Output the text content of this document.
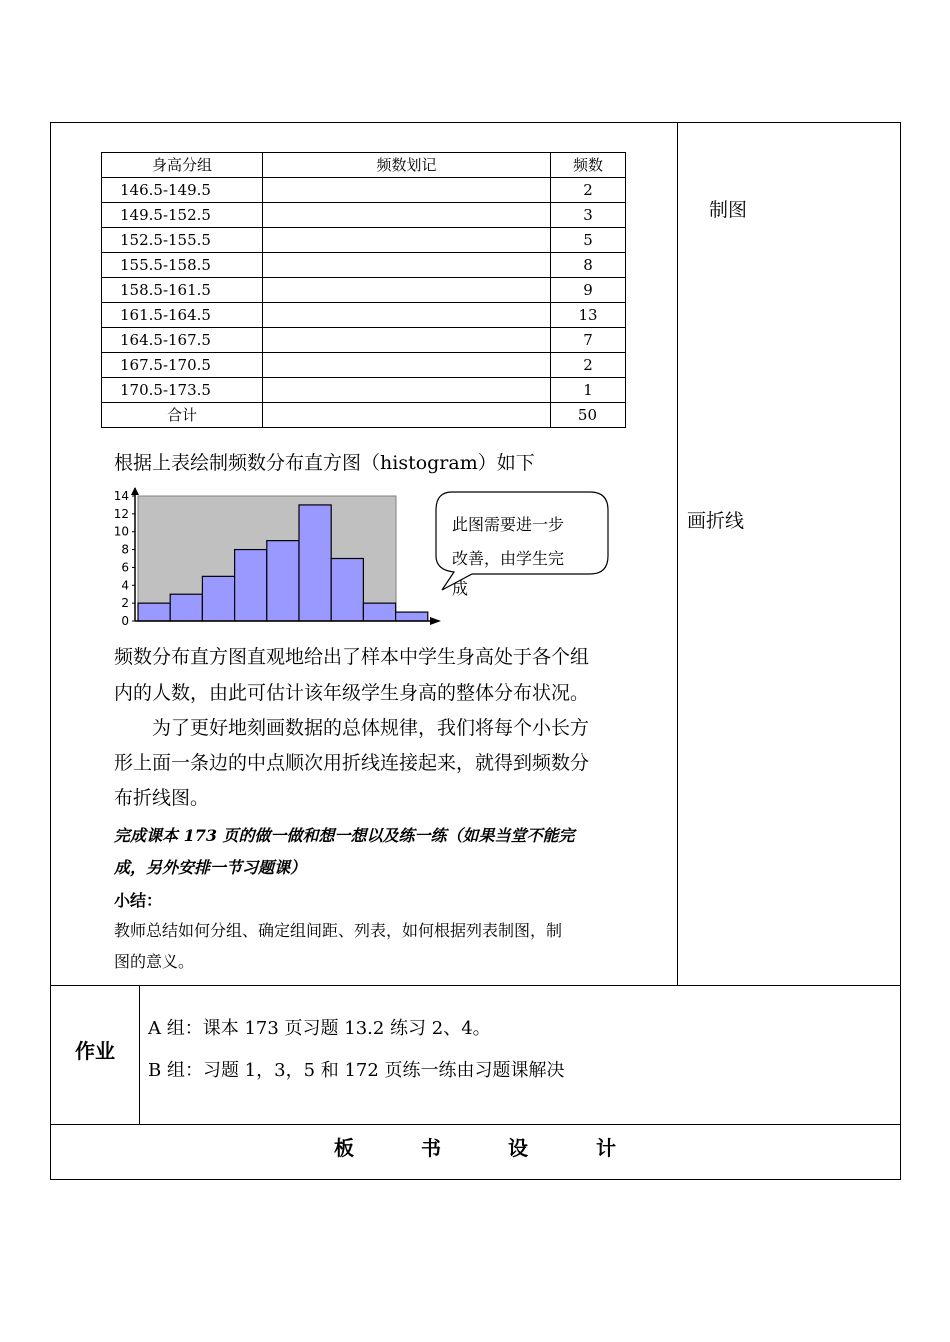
身高分组	频数划记	频数
146.5-149.5		2
149.5-152.5		3
152.5-155.5		5
155.5-158.5		8
158.5-161.5		9
161.5-164.5		13
164.5-167.5		7
167.5-170.5		2
170.5-173.5		1
合计		50
根据上表绘制频数分布直方图（histogram）如下
0
2
4
6
8
10
12
14
此图需要进一步
改善，由学生完
成
频数分布直方图直观地给出了样本中学生身高处于各个组
内的人数，由此可估计该年级学生身高的整体分布状况。
为了更好地刻画数据的总体规律，我们将每个小长方
形上面一条边的中点顺次用折线连接起来，就得到频数分
布折线图。
完成课本 173 页的做一做和想一想以及练一练（如果当堂不能完
成，另外安排一节习题课）
小结：
教师总结如何分组、确定组间距、列表，如何根据列表制图，制
图的意义。
制图
画折线
作业
A 组：课本 173 页习题 13.2 练习 2、4。
B 组：习题 1，3，5 和 172 页练一练由习题课解决
板	书	设	计
